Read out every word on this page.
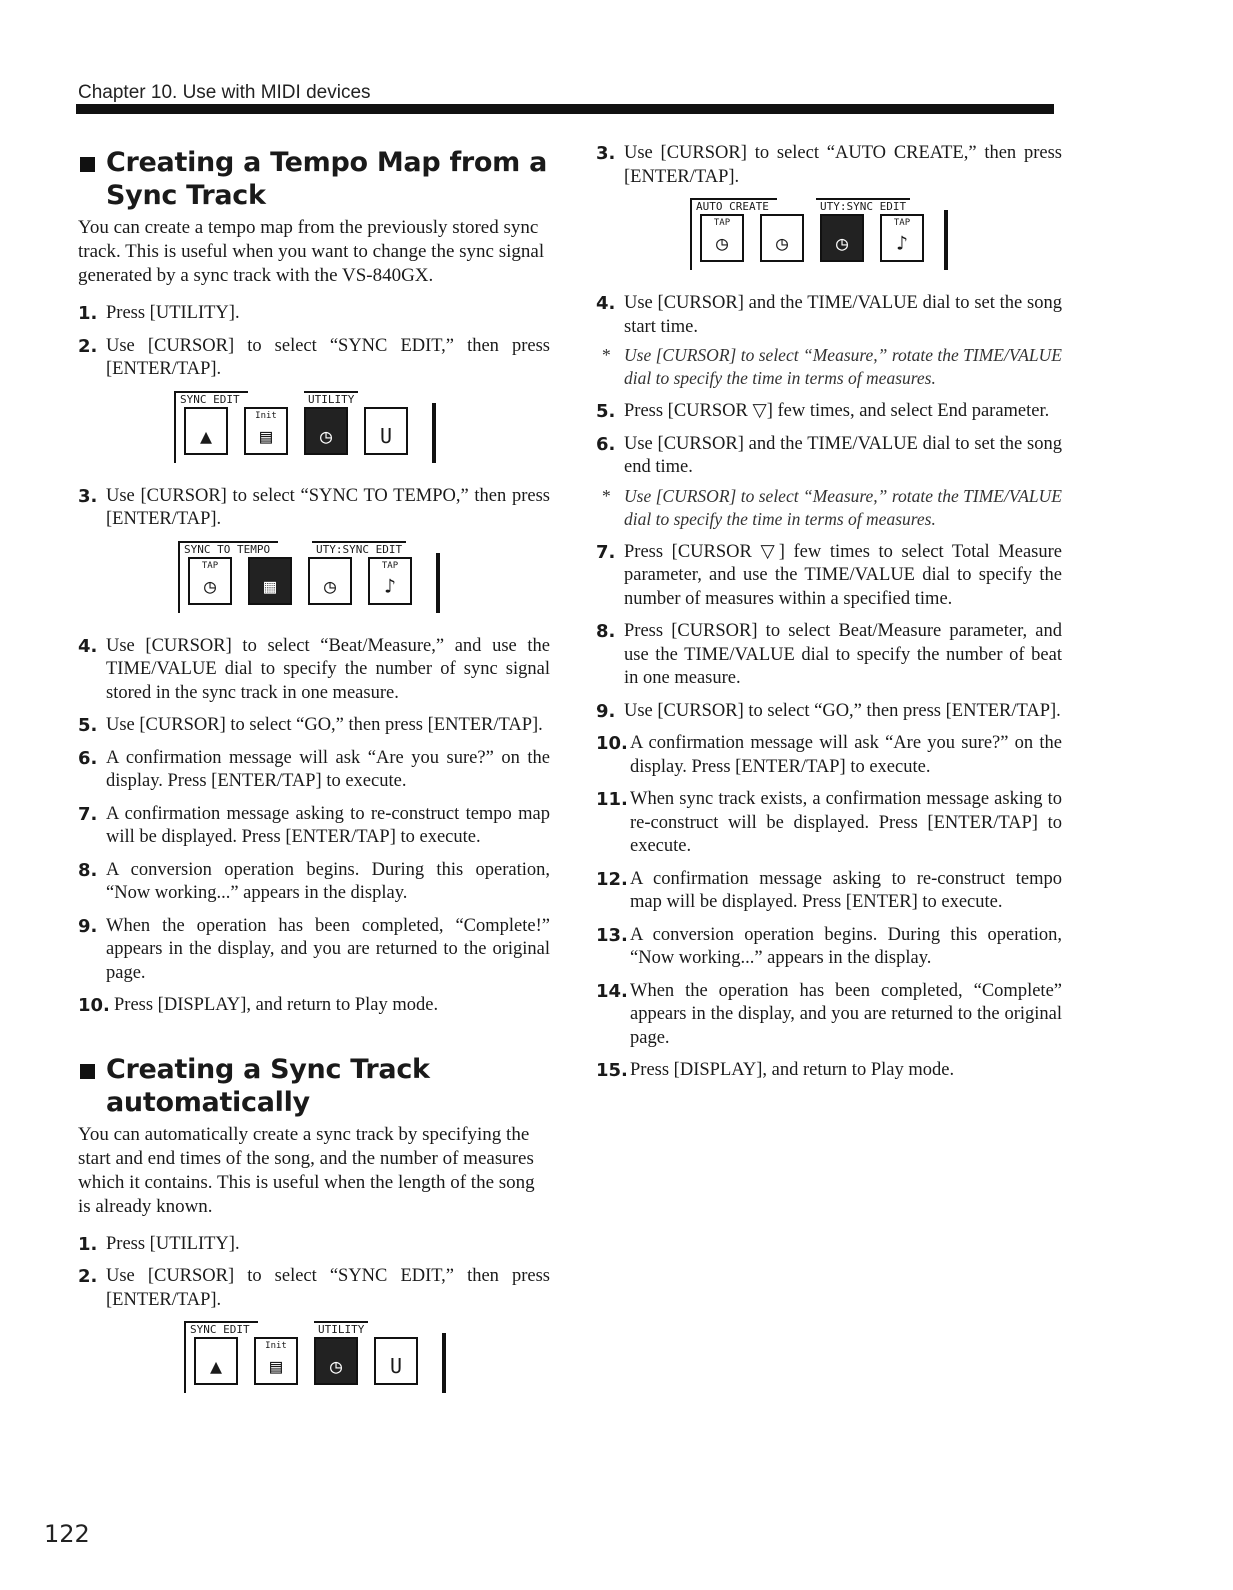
Chapter 10. Use with MIDI devices
Creating a Tempo Map from a Sync Track

You can create a tempo map from the previously stored sync track. This is useful when you want to change the sync signal generated by a sync track with the VS-840GX.

1. Press [UTILITY].
2. Use [CURSOR] to select “SYNC EDIT,” then press [ENTER/TAP].
SYNC EDIT	UTILITY
▲
Init
▤	◷	U
3. Use [CURSOR] to select “SYNC TO TEMPO,” then press [ENTER/TAP].
SYNC TO TEMPO	UTY:SYNC EDIT
TAP
◷	▦	◷
TAP
♪
4. Use [CURSOR] to select “Beat/Measure,” and use the TIME/VALUE dial to specify the number of sync signal stored in the sync track in one measure.
5. Use [CURSOR] to select “GO,” then press [ENTER/TAP].
6. A confirmation message will ask “Are you sure?” on the display. Press [ENTER/TAP] to execute.
7. A confirmation message asking to re-construct tempo map will be displayed. Press [ENTER/TAP] to execute.
8. A conversion operation begins. During this operation, “Now working...” appears in the display.
9. When the operation has been completed, “Complete!” appears in the display, and you are returned to the original page.
10. Press [DISPLAY], and return to Play mode.
Creating a Sync Track automatically

You can automatically create a sync track by specifying the start and end times of the song, and the number of measures which it contains. This is useful when the length of the song is already known.

1. Press [UTILITY].
2. Use [CURSOR] to select “SYNC EDIT,” then press [ENTER/TAP].
SYNC EDIT	UTILITY
▲
Init
▤	◷	U
3. Use [CURSOR] to select “AUTO CREATE,” then press [ENTER/TAP].
AUTO CREATE	UTY:SYNC EDIT
TAP
◷	◷	◷
TAP
♪
4. Use [CURSOR] and the TIME/VALUE dial to set the song start time.
* Use [CURSOR] to select “Measure,” rotate the TIME/VALUE dial to specify the time in terms of measures.
5. Press [CURSOR ▽] few times, and select End parameter.
6. Use [CURSOR] and the TIME/VALUE dial to set the song end time.
* Use [CURSOR] to select “Measure,” rotate the TIME/VALUE dial to specify the time in terms of measures.
7. Press [CURSOR ▽] few times to select Total Measure parameter, and use the TIME/VALUE dial to specify the number of measures within a specified time.
8. Press [CURSOR] to select Beat/Measure parameter, and use the TIME/VALUE dial to specify the number of beat in one measure.
9. Use [CURSOR] to select “GO,” then press [ENTER/TAP].
10. A confirmation message will ask “Are you sure?” on the display. Press [ENTER/TAP] to execute.
11. When sync track exists, a confirmation message asking to re-construct will be displayed. Press [ENTER/TAP] to execute.
12. A confirmation message asking to re-construct tempo map will be displayed. Press [ENTER] to execute.
13. A conversion operation begins. During this operation, “Now working...” appears in the display.
14. When the operation has been completed, “Complete” appears in the display, and you are returned to the original page.
15. Press [DISPLAY], and return to Play mode.
122
